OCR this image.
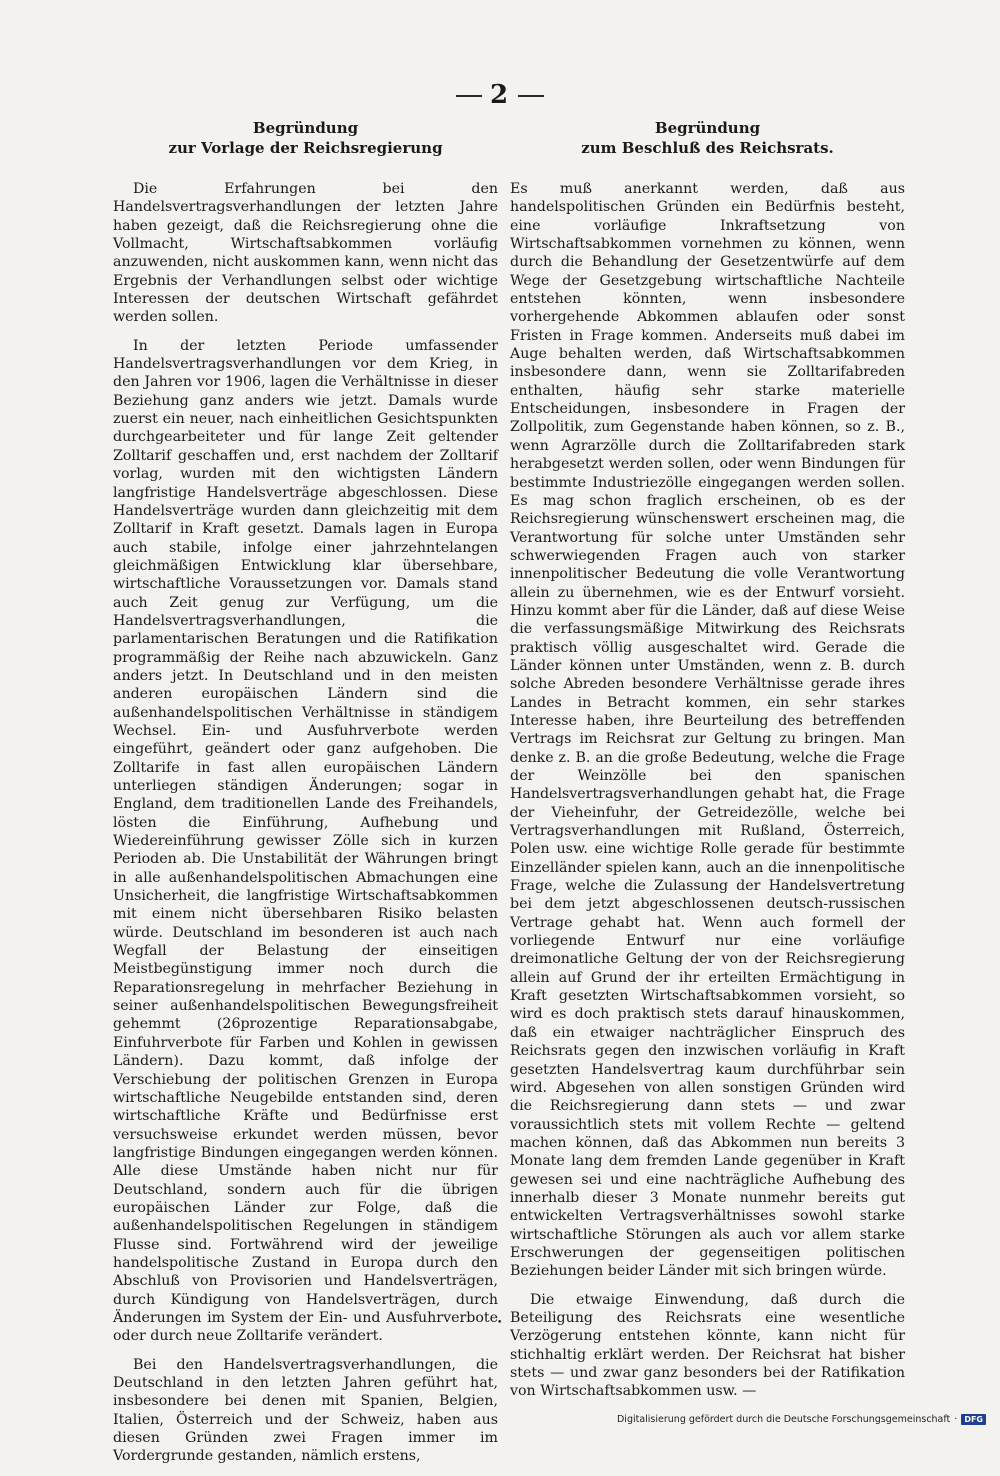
2
Begründung
zur Vorlage der Reichsregierung

Die Erfahrungen bei den Handelsvertragsverhandlungen der letzten Jahre haben gezeigt, daß die Reichsregierung ohne die Vollmacht, Wirtschaftsabkommen vorläufig anzuwenden, nicht auskommen kann, wenn nicht das Ergebnis der Verhandlungen selbst oder wichtige Interessen der deutschen Wirtschaft gefährdet werden sollen.

In der letzten Periode umfassender Handelsvertragsverhandlungen vor dem Krieg, in den Jahren vor 1906, lagen die Verhältnisse in dieser Beziehung ganz anders wie jetzt. Damals wurde zuerst ein neuer, nach einheitlichen Gesichtspunkten durchgearbeiteter und für lange Zeit geltender Zolltarif geschaffen und, erst nachdem der Zolltarif vorlag, wurden mit den wichtigsten Ländern langfristige Handelsverträge abgeschlossen. Diese Handelsverträge wurden dann gleichzeitig mit dem Zolltarif in Kraft gesetzt. Damals lagen in Europa auch stabile, infolge einer jahrzehntelangen gleichmäßigen Entwicklung klar übersehbare, wirtschaftliche Voraussetzungen vor. Damals stand auch Zeit genug zur Verfügung, um die Handelsvertragsverhandlungen, die parlamentarischen Beratungen und die Ratifikation programmäßig der Reihe nach abzuwickeln. Ganz anders jetzt. In Deutschland und in den meisten anderen europäischen Ländern sind die außenhandelspolitischen Verhältnisse in ständigem Wechsel. Ein- und Ausfuhrverbote werden eingeführt, geändert oder ganz aufgehoben. Die Zolltarife in fast allen europäischen Ländern unterliegen ständigen Änderungen; sogar in England, dem traditionellen Lande des Freihandels, lösten die Einführung, Aufhebung und Wiedereinführung gewisser Zölle sich in kurzen Perioden ab. Die Unstabilität der Währungen bringt in alle außenhandelspolitischen Abmachungen eine Unsicherheit, die langfristige Wirtschaftsabkommen mit einem nicht übersehbaren Risiko belasten würde. Deutschland im besonderen ist auch nach Wegfall der Belastung der einseitigen Meistbegünstigung immer noch durch die Reparationsregelung in mehrfacher Beziehung in seiner außenhandelspolitischen Bewegungsfreiheit gehemmt (26prozentige Reparationsabgabe, Einfuhrverbote für Farben und Kohlen in gewissen Ländern). Dazu kommt, daß infolge der Verschiebung der politischen Grenzen in Europa wirtschaftliche Neugebilde entstanden sind, deren wirtschaftliche Kräfte und Bedürfnisse erst versuchsweise erkundet werden müssen, bevor langfristige Bindungen eingegangen werden können. Alle diese Umstände haben nicht nur für Deutschland, sondern auch für die übrigen europäischen Länder zur Folge, daß die außenhandelspolitischen Regelungen in ständigem Flusse sind. Fortwährend wird der jeweilige handelspolitische Zustand in Europa durch den Abschluß von Provisorien und Handelsverträgen, durch Kündigung von Handelsverträgen, durch Änderungen im System der Ein- und Ausfuhrverbote oder durch neue Zolltarife verändert.

Bei den Handelsvertragsverhandlungen, die Deutschland in den letzten Jahren geführt hat, insbesondere bei denen mit Spanien, Belgien, Italien, Österreich und der Schweiz, haben aus diesen Gründen zwei Fragen immer im Vordergrunde gestanden, nämlich erstens,

Begründung
zum Beschluß des Reichsrats.

Es muß anerkannt werden, daß aus handelspolitischen Gründen ein Bedürfnis besteht, eine vorläufige Inkraftsetzung von Wirtschaftsabkommen vornehmen zu können, wenn durch die Behandlung der Gesetzentwürfe auf dem Wege der Gesetzgebung wirtschaftliche Nachteile entstehen könnten, wenn insbesondere vorhergehende Abkommen ablaufen oder sonst Fristen in Frage kommen. Anderseits muß dabei im Auge behalten werden, daß Wirtschaftsabkommen insbesondere dann, wenn sie Zolltarifabreden enthalten, häufig sehr starke materielle Entscheidungen, insbesondere in Fragen der Zollpolitik, zum Gegenstande haben können, so z. B., wenn Agrarzölle durch die Zolltarifabreden stark herabgesetzt werden sollen, oder wenn Bindungen für bestimmte Industriezölle eingegangen werden sollen. Es mag schon fraglich erscheinen, ob es der Reichsregierung wünschenswert erscheinen mag, die Verantwortung für solche unter Umständen sehr schwerwiegenden Fragen auch von starker innenpolitischer Bedeutung die volle Verantwortung allein zu übernehmen, wie es der Entwurf vorsieht. Hinzu kommt aber für die Länder, daß auf diese Weise die verfassungsmäßige Mitwirkung des Reichsrats praktisch völlig ausgeschaltet wird. Gerade die Länder können unter Umständen, wenn z. B. durch solche Abreden besondere Verhältnisse gerade ihres Landes in Betracht kommen, ein sehr starkes Interesse haben, ihre Beurteilung des betreffenden Vertrags im Reichsrat zur Geltung zu bringen. Man denke z. B. an die große Bedeutung, welche die Frage der Weinzölle bei den spanischen Handelsvertragsverhandlungen gehabt hat, die Frage der Vieheinfuhr, der Getreidezölle, welche bei Vertragsverhandlungen mit Rußland, Österreich, Polen usw. eine wichtige Rolle gerade für bestimmte Einzelländer spielen kann, auch an die innenpolitische Frage, welche die Zulassung der Handelsvertretung bei dem jetzt abgeschlossenen deutsch-russischen Vertrage gehabt hat. Wenn auch formell der vorliegende Entwurf nur eine vorläufige dreimonatliche Geltung der von der Reichsregierung allein auf Grund der ihr erteilten Ermächtigung in Kraft gesetzten Wirtschaftsabkommen vorsieht, so wird es doch praktisch stets darauf hinauskommen, daß ein etwaiger nachträglicher Einspruch des Reichsrats gegen den inzwischen vorläufig in Kraft gesetzten Handelsvertrag kaum durchführbar sein wird. Abgesehen von allen sonstigen Gründen wird die Reichsregierung dann stets — und zwar voraussichtlich stets mit vollem Rechte — geltend machen können, daß das Abkommen nun bereits 3 Monate lang dem fremden Lande gegenüber in Kraft gewesen sei und eine nachträgliche Aufhebung des innerhalb dieser 3 Monate nunmehr bereits gut entwickelten Vertragsverhältnisses sowohl starke wirtschaftliche Störungen als auch vor allem starke Erschwerungen der gegenseitigen politischen Beziehungen beider Länder mit sich bringen würde.

Die etwaige Einwendung, daß durch die Beteiligung des Reichsrats eine wesentliche Verzögerung entstehen könnte, kann nicht für stichhaltig erklärt werden. Der Reichsrat hat bisher stets — und zwar ganz besonders bei der Ratifikation von Wirtschaftsabkommen usw. —

•
Digitalisierung gefördert durch die Deutsche Forschungsgemeinschaft · DFG
